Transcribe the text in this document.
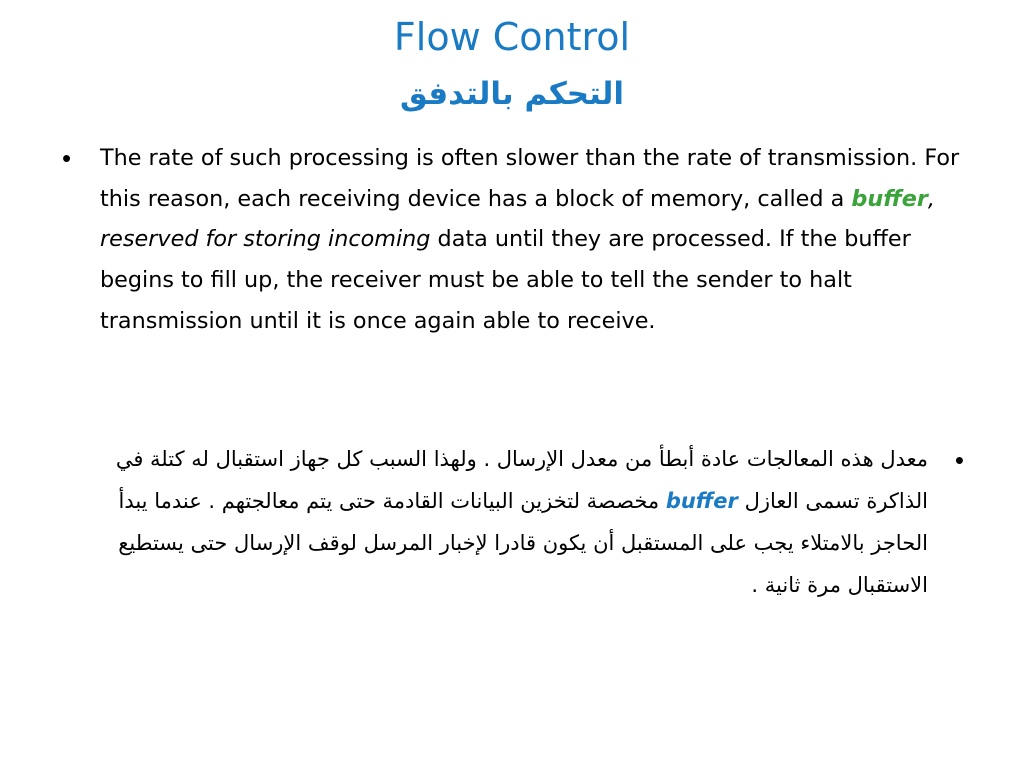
Flow Control
التحكم بالتدفق
• The rate of such processing is often slower than the rate of transmission. For this reason, each receiving device has a block of memory, called a buffer, reserved for storing incoming data until they are processed. If the buffer begins to fill up, the receiver must be able to tell the sender to halt transmission until it is once again able to receive.
•
معدل هذه المعالجات عادة أبطأ من معدل الإرسال . ولهذا السبب كل جهاز استقبال له كتلة في الذاكرة تسمى العازل buffer مخصصة لتخزين البيانات القادمة حتى يتم معالجتهم . عندما يبدأ الحاجز بالامتلاء يجب على المستقبل أن يكون قادرا لإخبار المرسل لوقف الإرسال حتى يستطيع الاستقبال مرة ثانية .
